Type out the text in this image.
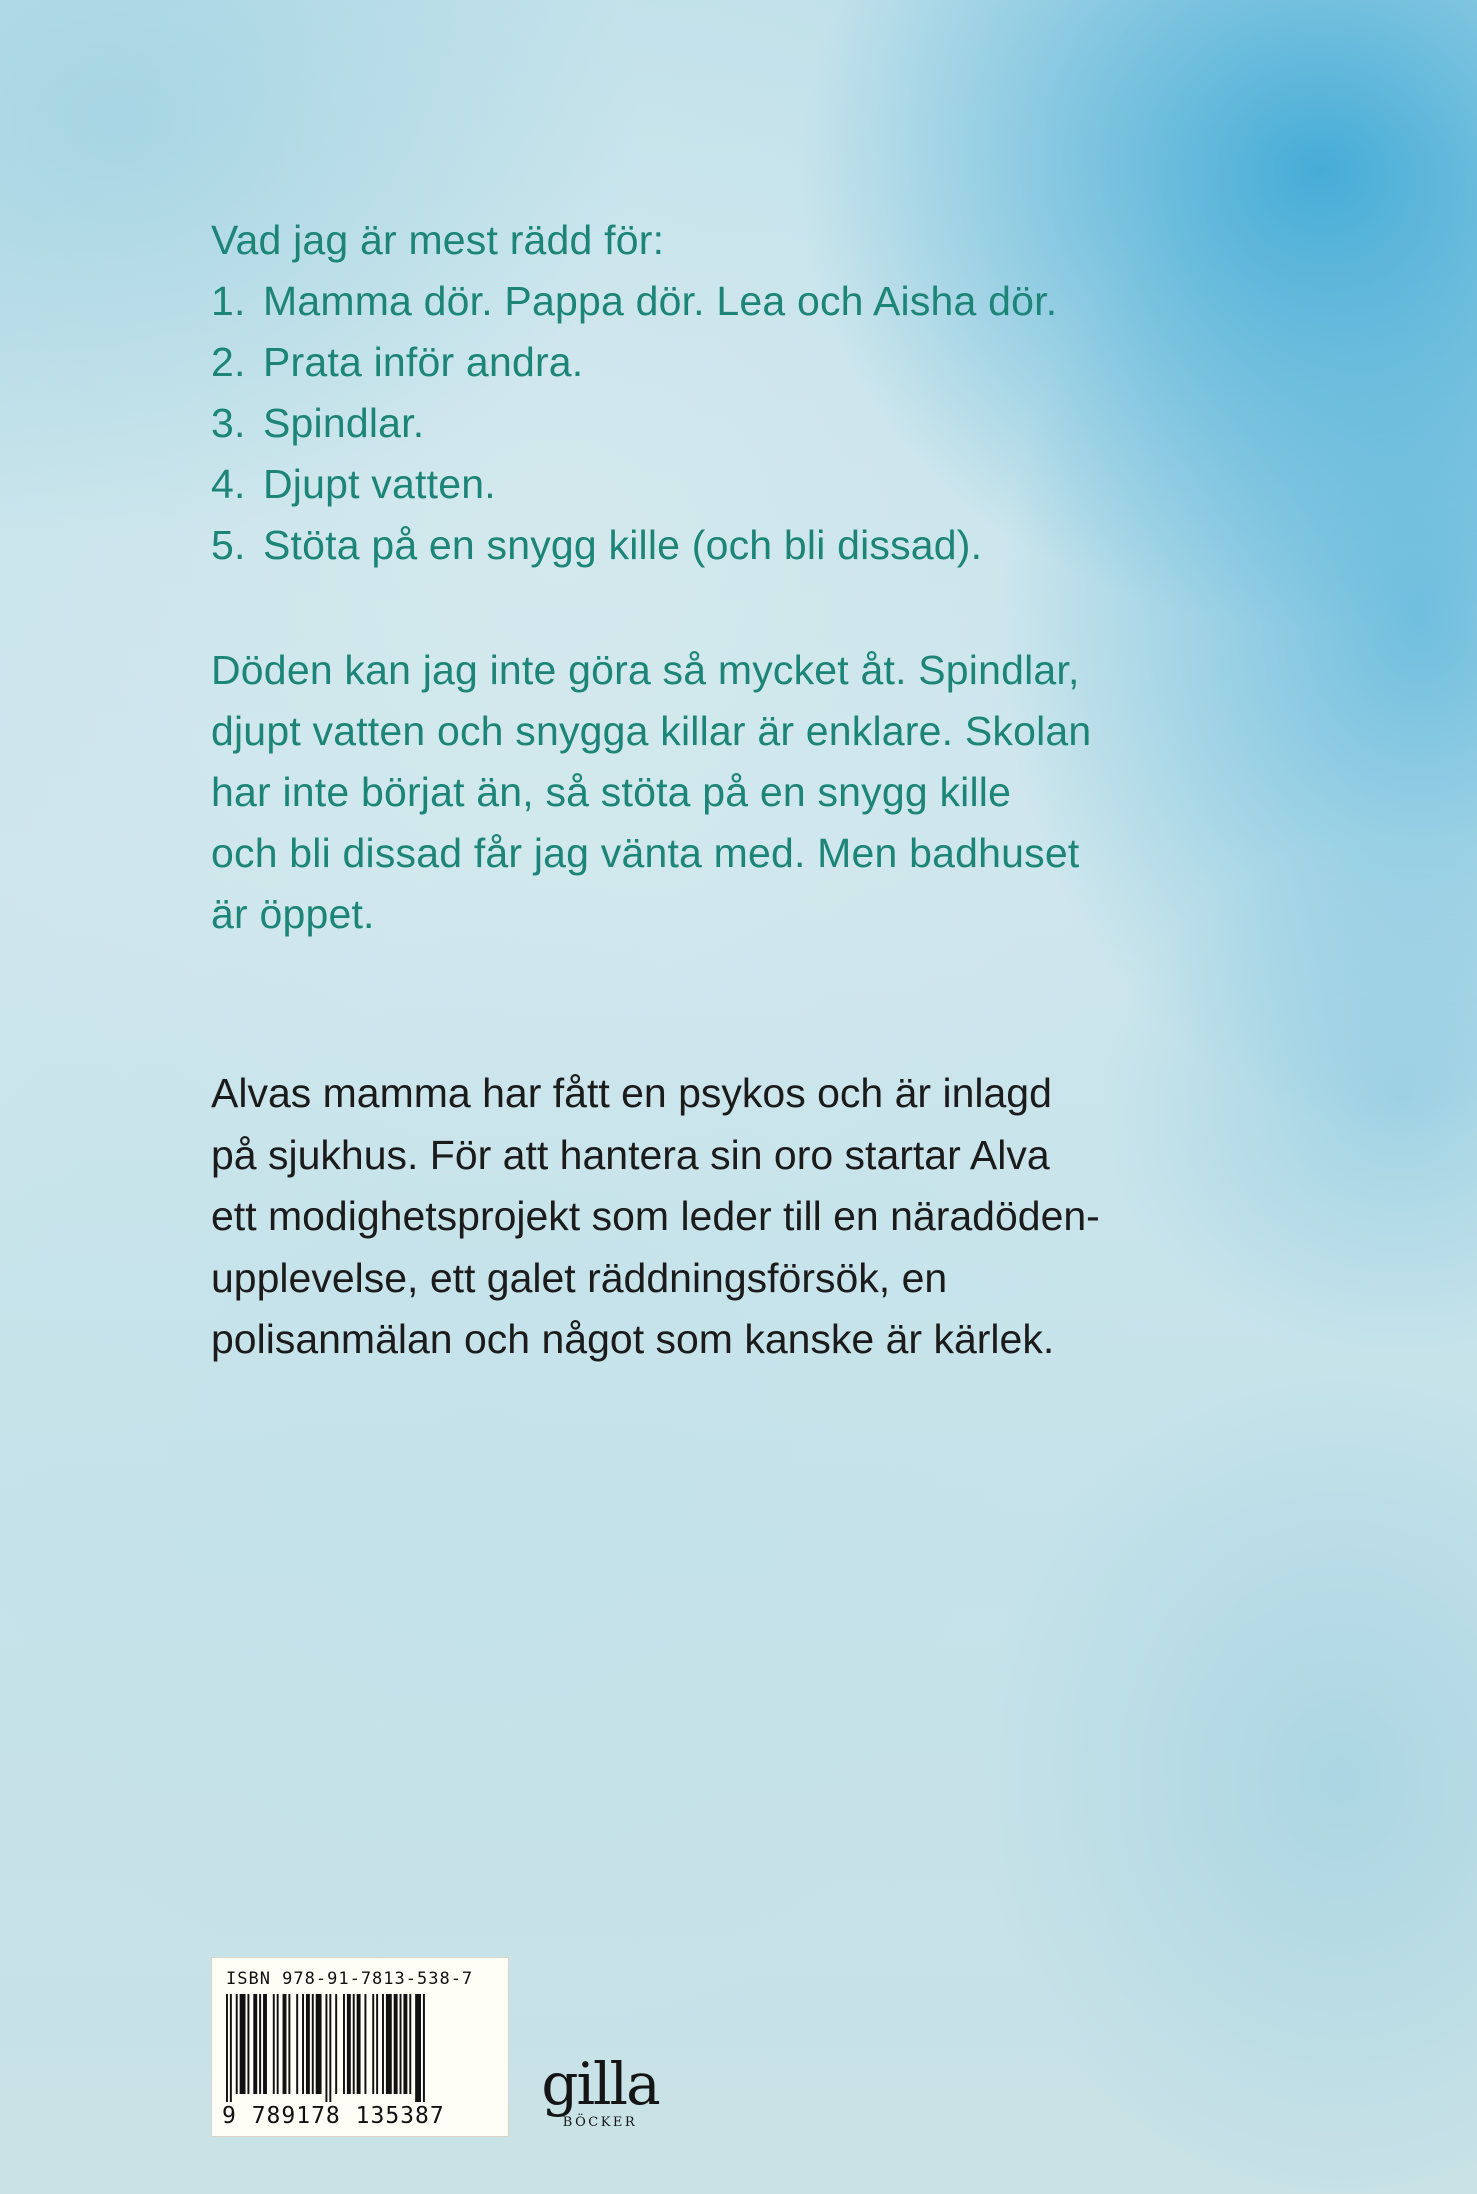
Vad jag är mest rädd för:

1. Mamma dör. Pappa dör. Lea och Aisha dör.
2. Prata inför andra.
3. Spindlar.
4. Djupt vatten.
5. Stöta på en snygg kille (och bli dissad).

Döden kan jag inte göra så mycket åt. Spindlar,
djupt vatten och snygga killar är enklare. Skolan
har inte börjat än, så stöta på en snygg kille
och bli dissad får jag vänta med. Men badhuset
är öppet.

Alvas mamma har fått en psykos och är inlagd
på sjukhus. För att hantera sin oro startar Alva
ett modighetsprojekt som leder till en näradöden-
upplevelse, ett galet räddningsförsök, en
polisanmälan och något som kanske är kärlek.

ISBN 978-91-7813-538-7
9 789178 135387 gilla
BÖCKER
